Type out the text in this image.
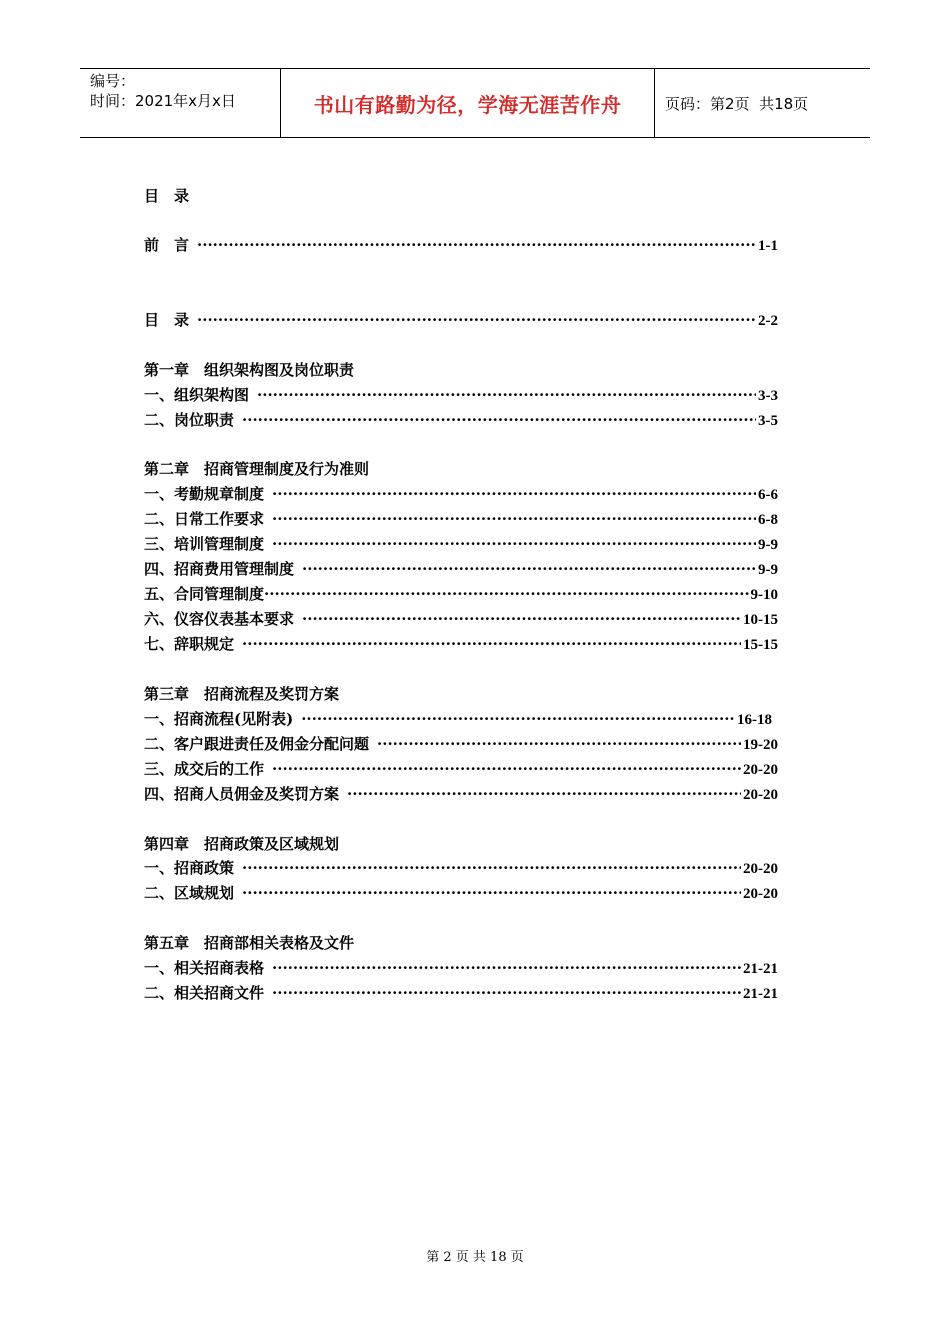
编号：
时间：2021年x月x日	书山有路勤为径，学海无涯苦作舟	页码：第2页  共18页
目　录
前　言 ·····	1-1
目　录 ·····	2-2
第一章　组织架构图及岗位职责
一、组织架构图 ·····	3-3
二、岗位职责 ·····	3-5
第二章　招商管理制度及行为准则
一、考勤规章制度 ·····	6-6
二、日常工作要求 ·····	6-8
三、培训管理制度 ·····	9-9
四、招商费用管理制度 ·····	9-9
五、合同管理制度 ·····	9-10
六、仪容仪表基本要求 ·····	10-15
七、辞职规定 ·····	15-15
第三章　招商流程及奖罚方案
一、招商流程(见附表) ·····	16-18
二、客户跟进责任及佣金分配问题 ·····	19-20
三、成交后的工作 ·····	20-20
四、招商人员佣金及奖罚方案 ·····	20-20
第四章　招商政策及区域规划
一、招商政策 ·····	20-20
二、区域规划 ·····	20-20
第五章　招商部相关表格及文件
一、相关招商表格 ·····	21-21
二、相关招商文件 ·····	21-21
第 2 页 共 18 页
